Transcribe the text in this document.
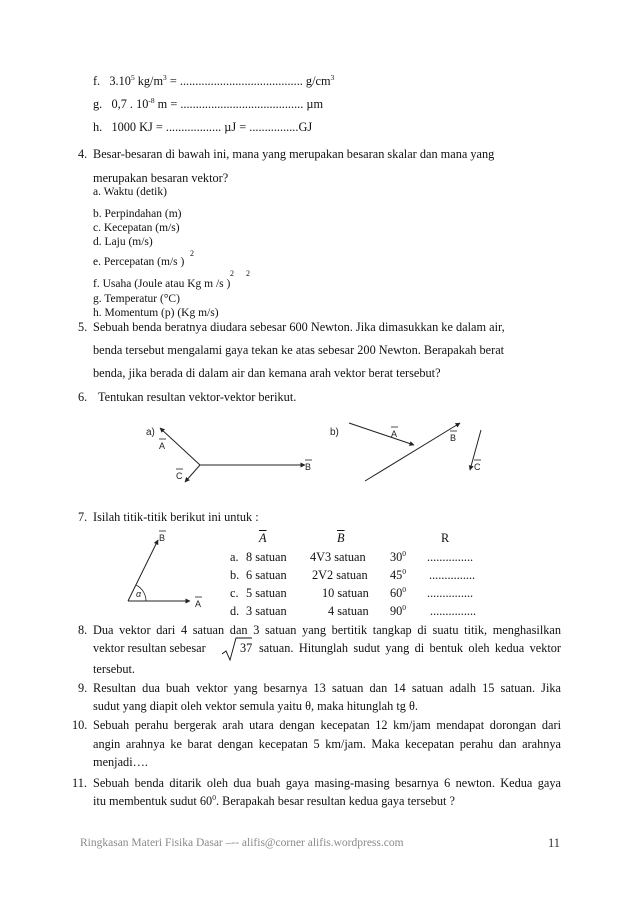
f. 3.10$^5$ $kg/m^3$ = ........................................ $g/cm^3$
g. 0,7 . $10^{-8}$ m = ........................................ µm
h. 1000 KJ = .................. µJ = ................GJ
4. Besar-besaran di bawah ini, mana yang merupakan besaran skalar dan mana yang
merupakan besaran vektor?
a. Waktu (detik)
b. Perpindahan (m)
c. Kecepatan (m/s)
d. Laju (m/s)
2
e. Percepatan (m/s )
2 2
f. Usaha (Joule atau Kg m /s )
g. Temperatur (°C)
h. Momentum (p) (Kg m/s)
5. Sebuah benda beratnya diudara sebesar 600 Newton. Jika dimasukkan ke dalam air,
benda tersebut mengalami gaya tekan ke atas sebesar 200 Newton. Berapakah berat
benda, jika berada di dalam air dan kemana arah vektor berat tersebut?
6. Tentukan resultan vektor-vektor berikut.
a)
A
B
C
b)	A	B
C
α
B
A
7. Isilah titik-titik berikut ini untuk :
$\overline{A}$	$\overline{B}$	R
a. 8 satuan 4V3 satuan $30^0$ ...............
b. 6 satuan 2V2 satuan $45^0$ ...............
c. 5 satuan	10 satuan $60^0$ ...............
d. 3 satuan	4 satuan $90^0$ ...............
8. Dua vektor dari 4 satuan dan 3 satuan yang bertitik tangkap di suatu titik, menghasilkan
vektor resultan sebesar	37 satuan. Hitunglah sudut yang di bentuk oleh kedua vektor
tersebut.
9. Resultan dua buah vektor yang besarnya 13 satuan dan 14 satuan adalh 15 satuan. Jika
sudut yang diapit oleh vektor semula yaitu θ, maka hitunglah tg θ.
10. Sebuah perahu bergerak arah utara dengan kecepatan 12 km/jam mendapat dorongan dari
angin arahnya ke barat dengan kecepatan 5 km/jam. Maka kecepatan perahu dan arahnya
menjadi….
11. Sebuah benda ditarik oleh dua buah gaya masing-masing besarnya 6 newton. Kedua gaya
itu membentuk sudut $60^0$. Berapakah besar resultan kedua gaya tersebut ?
Ringkasan Materi Fisika Dasar –-- alifis@corner alifis.wordpress.com	11
